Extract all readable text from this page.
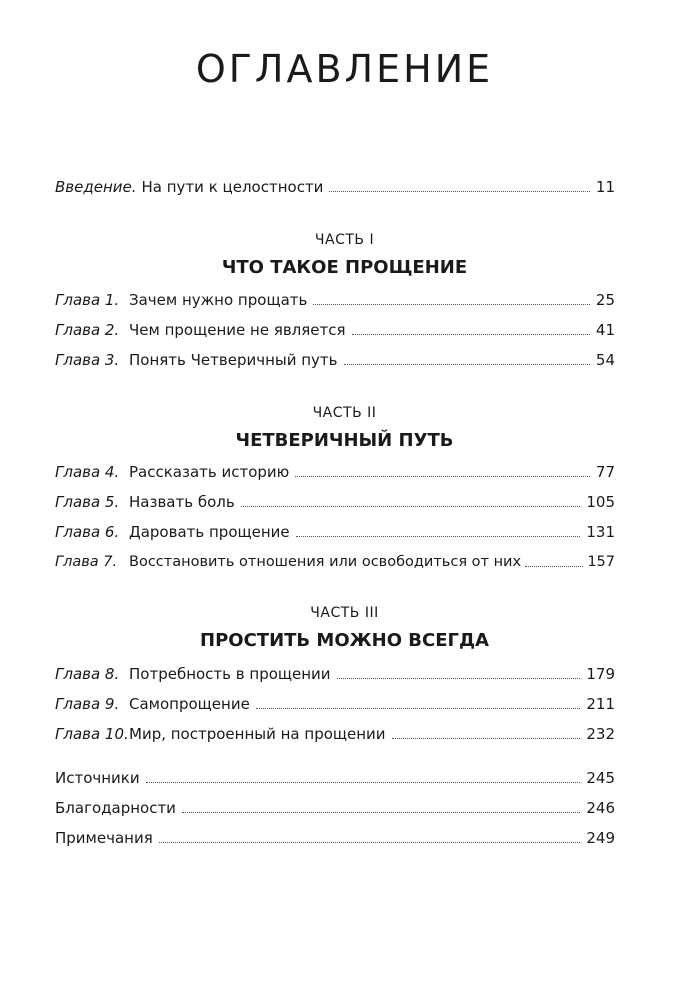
ОГЛАВЛЕНИЕ
Введение. На пути к целостности	11
ЧАСТЬ I
ЧТО ТАКОЕ ПРОЩЕНИЕ
Глава 1. Зачем нужно прощать	25
Глава 2. Чем прощение не является	41
Глава 3. Понять Четверичный путь	54
ЧАСТЬ II
ЧЕТВЕРИЧНЫЙ ПУТЬ
Глава 4. Рассказать историю	77
Глава 5. Назвать боль	105
Глава 6. Даровать прощение	131
Глава 7. Восстановить отношения или освободиться от них	157
ЧАСТЬ III
ПРОСТИТЬ МОЖНО ВСЕГДА
Глава 8. Потребность в прощении	179
Глава 9. Самопрощение	211
Глава 10. Мир, построенный на прощении	232
Источники	245
Благодарности	246
Примечания	249
